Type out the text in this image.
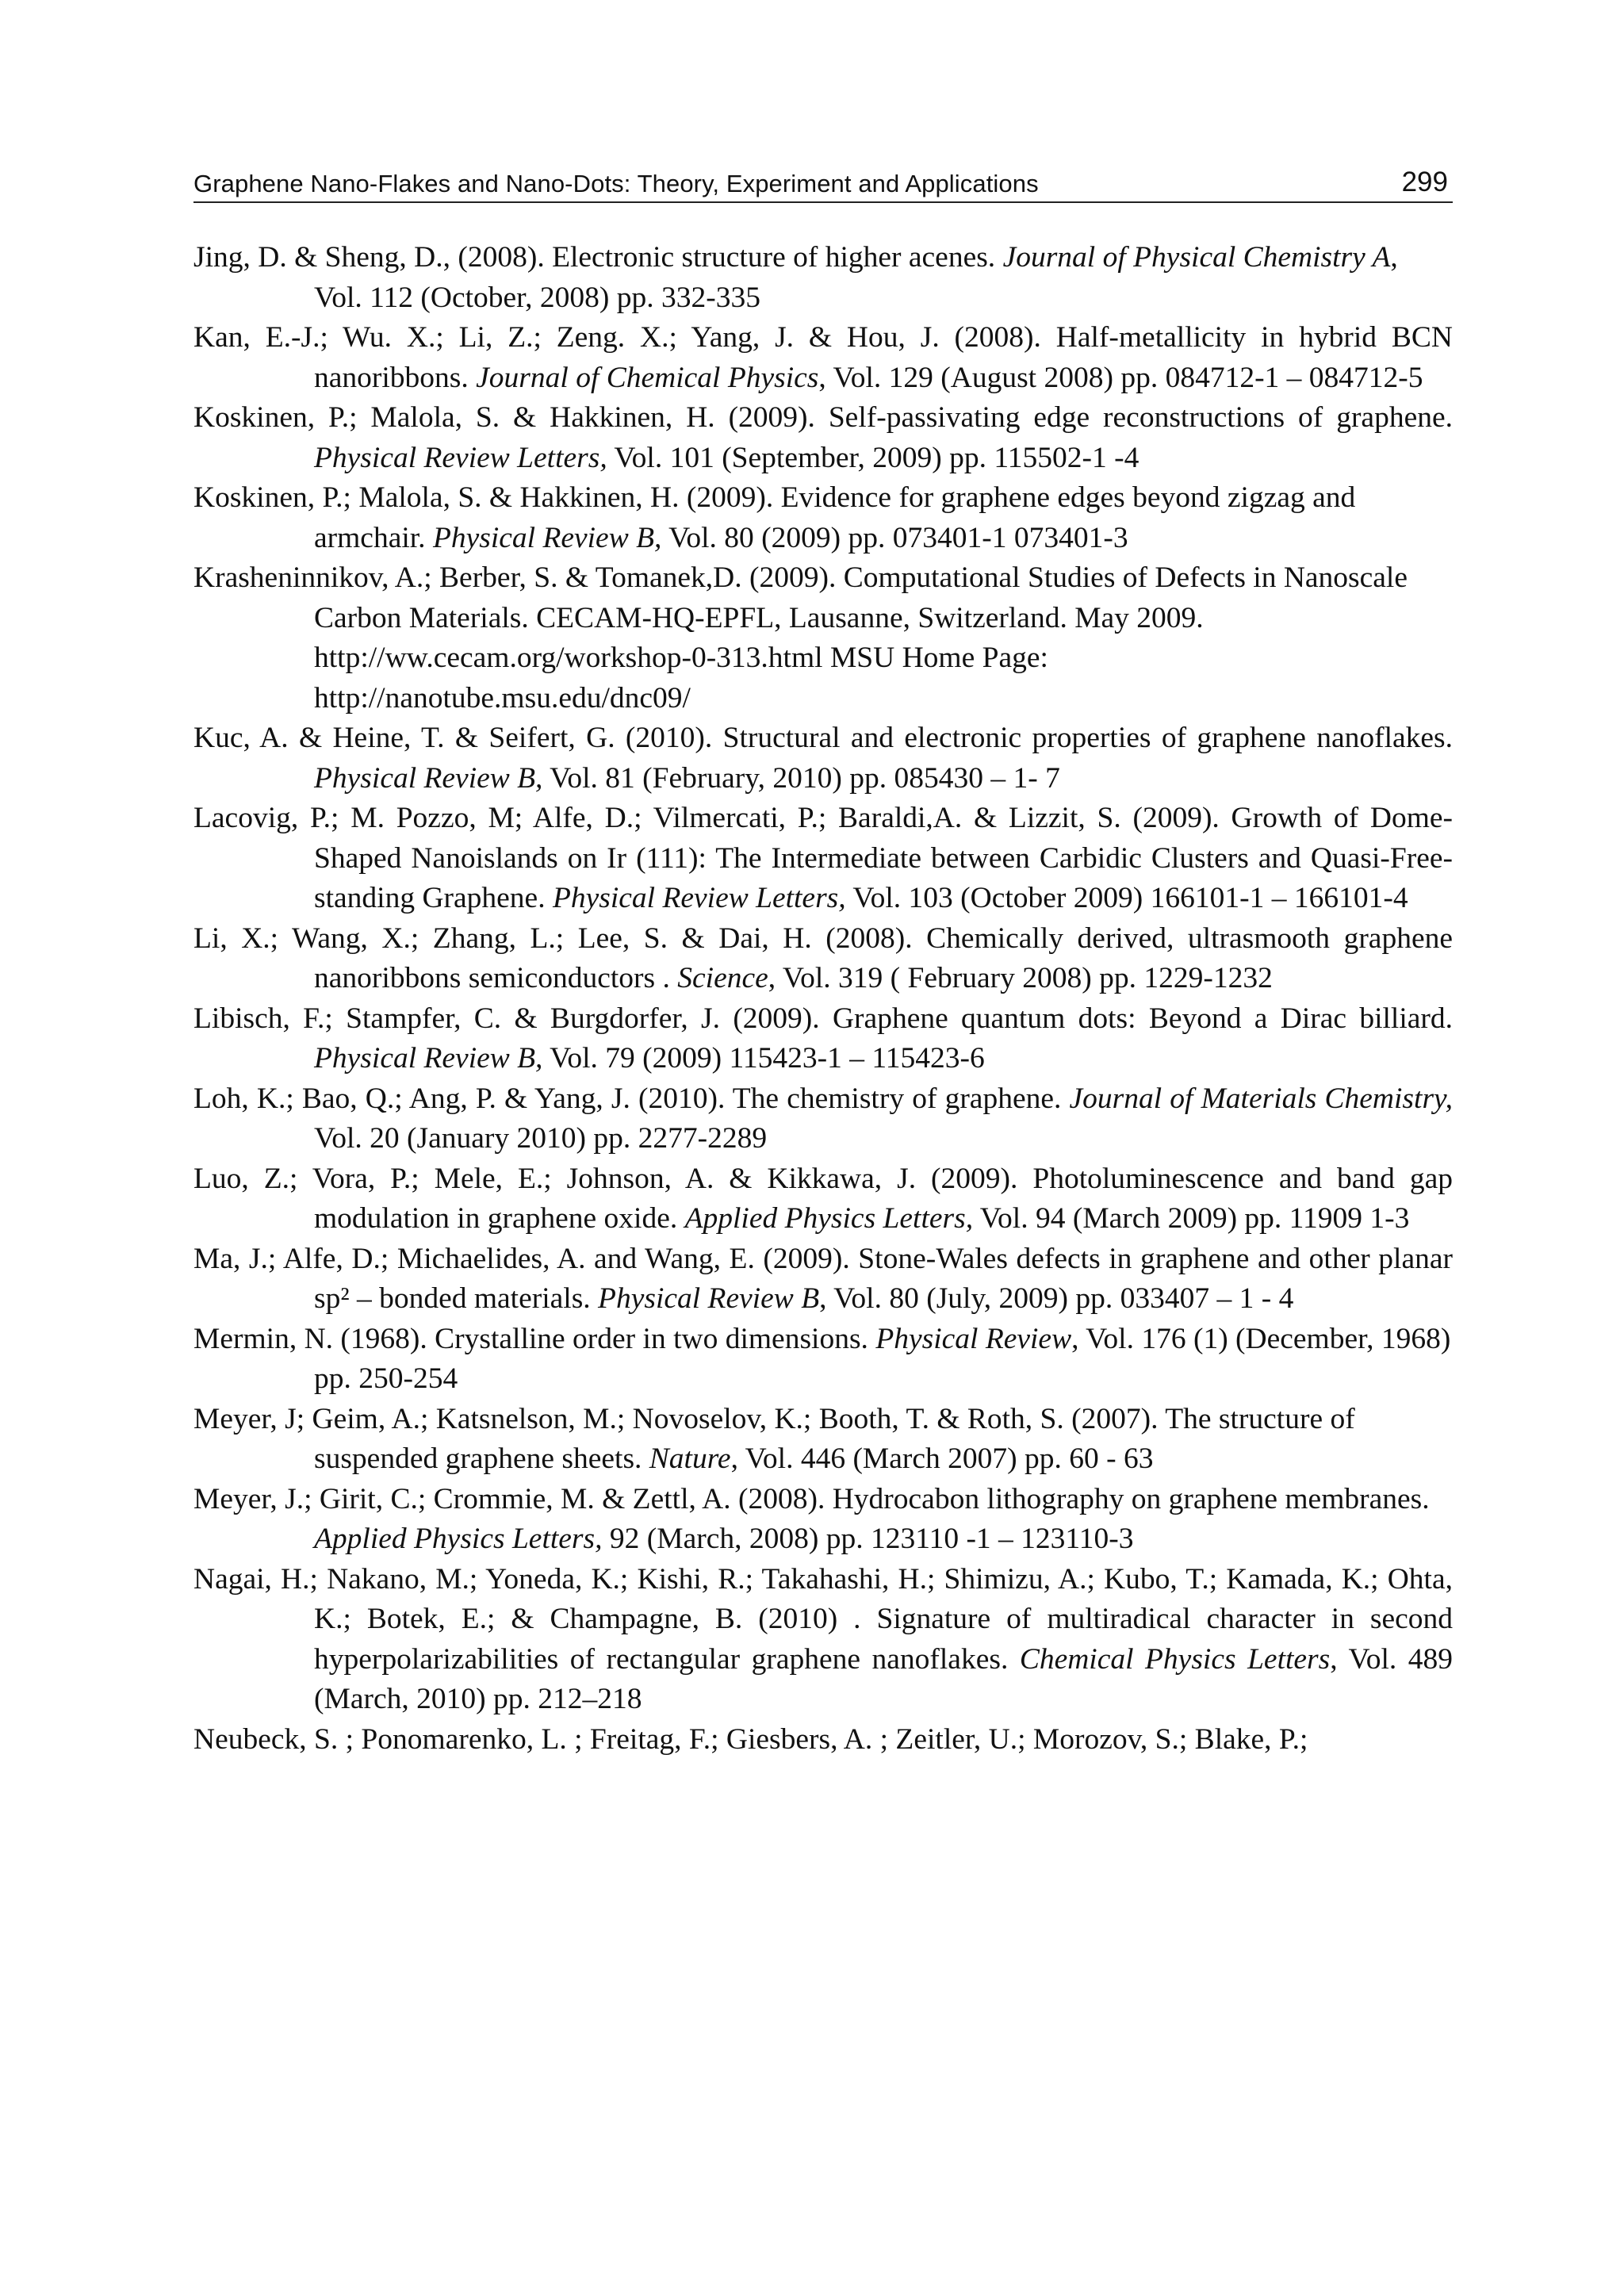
Graphene Nano-Flakes and Nano-Dots: Theory, Experiment and Applications	299

Jing, D. & Sheng, D., (2008). Electronic structure of higher acenes. Journal of Physical Chemistry A, Vol. 112 (October, 2008) pp. 332-335

Kan, E.-J.; Wu. X.; Li, Z.; Zeng. X.; Yang, J. & Hou, J. (2008). Half-metallicity in hybrid BCN nanoribbons. Journal of Chemical Physics, Vol. 129 (August 2008) pp. 084712-1 – 084712-5

Koskinen, P.; Malola, S. & Hakkinen, H. (2009). Self-passivating edge reconstructions of graphene. Physical Review Letters, Vol. 101 (September, 2009) pp. 115502-1 -4

Koskinen, P.; Malola, S. & Hakkinen, H. (2009). Evidence for graphene edges beyond zigzag and armchair. Physical Review B, Vol. 80 (2009) pp. 073401-1 073401-3

Krasheninnikov, A.; Berber, S. & Tomanek,D. (2009). Computational Studies of Defects in Nanoscale Carbon Materials. CECAM-HQ-EPFL, Lausanne, Switzerland. May 2009.
http://ww.cecam.org/workshop-0-313.html MSU Home Page:
http://nanotube.msu.edu/dnc09/

Kuc, A. & Heine, T. & Seifert, G. (2010). Structural and electronic properties of graphene nanoflakes. Physical Review B, Vol. 81 (February, 2010) pp. 085430 – 1- 7

Lacovig, P.; M. Pozzo, M; Alfe, D.; Vilmercati, P.; Baraldi,A. & Lizzit, S. (2009). Growth of Dome-Shaped Nanoislands on Ir (111): The Intermediate between Carbidic Clusters and Quasi-Free-standing Graphene. Physical Review Letters, Vol. 103 (October 2009) 166101-1 – 166101-4

Li, X.; Wang, X.; Zhang, L.; Lee, S. & Dai, H. (2008). Chemically derived, ultrasmooth graphene nanoribbons semiconductors . Science, Vol. 319 ( February 2008) pp. 1229-1232

Libisch, F.; Stampfer, C. & Burgdorfer, J. (2009). Graphene quantum dots: Beyond a Dirac billiard. Physical Review B, Vol. 79 (2009) 115423-1 – 115423-6

Loh, K.; Bao, Q.; Ang, P. & Yang, J. (2010). The chemistry of graphene. Journal of Materials Chemistry, Vol. 20 (January 2010) pp. 2277-2289

Luo, Z.; Vora, P.; Mele, E.; Johnson, A. & Kikkawa, J. (2009). Photoluminescence and band gap modulation in graphene oxide. Applied Physics Letters, Vol. 94 (March 2009) pp. 11909 1-3

Ma, J.; Alfe, D.; Michaelides, A. and Wang, E. (2009). Stone-Wales defects in graphene and other planar sp² – bonded materials. Physical Review B, Vol. 80 (July, 2009) pp. 033407 – 1 - 4

Mermin, N. (1968). Crystalline order in two dimensions. Physical Review, Vol. 176 (1) (December, 1968) pp. 250-254

Meyer, J; Geim, A.; Katsnelson, M.; Novoselov, K.; Booth, T. & Roth, S. (2007). The structure of suspended graphene sheets. Nature, Vol. 446 (March 2007) pp. 60 - 63

Meyer, J.; Girit, C.; Crommie, M. & Zettl, A. (2008). Hydrocabon lithography on graphene membranes. Applied Physics Letters, 92 (March, 2008) pp. 123110 -1 – 123110-3

Nagai, H.; Nakano, M.; Yoneda, K.; Kishi, R.; Takahashi, H.; Shimizu, A.; Kubo, T.; Kamada, K.; Ohta, K.; Botek, E.; & Champagne, B. (2010) . Signature of multiradical character in second hyperpolarizabilities of rectangular graphene nanoflakes. Chemical Physics Letters, Vol. 489 (March, 2010) pp. 212–218

Neubeck, S. ; Ponomarenko, L. ; Freitag, F.; Giesbers, A. ; Zeitler, U.; Morozov, S.; Blake, P.;
